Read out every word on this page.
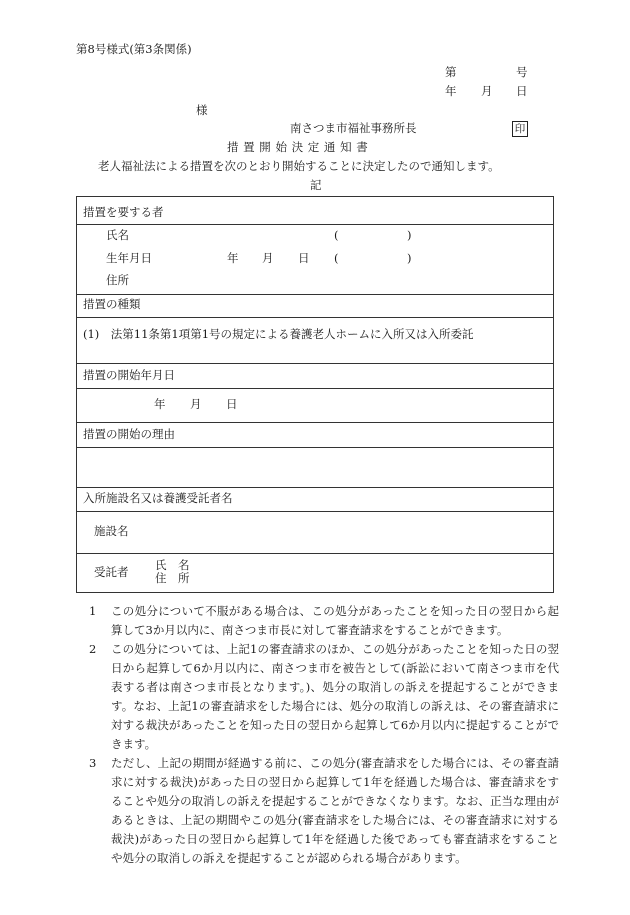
第8号様式(第3条関係)
第	号
年 月 日
様
南さつま市福祉事務所長	印
措 置 開 始 決 定 通 知 書
老人福祉法による措置を次のとおり開始することに決定したので通知します。
記
措置を要する者
氏名	(	)
生年月日	年 月 日 (	)
住所
措置の種類
(1)　法第11条第1項第1号の規定による養護老人ホームに入所又は入所委託
措置の開始年月日
年 月 日
措置の開始の理由
入所施設名又は養護受託者名
施設名
受託者 氏　名
住　所
1	この処分について不服がある場合は、この処分があったことを知った日の翌日から起算して3か月以内に、南さつま市長に対して審査請求をすることができます。
2	この処分については、上記1の審査請求のほか、この処分があったことを知った日の翌日から起算して6か月以内に、南さつま市を被告として(訴訟において南さつま市を代表する者は南さつま市長となります。)、処分の取消しの訴えを提起することができます。なお、上記1の審査請求をした場合には、処分の取消しの訴えは、その審査請求に対する裁決があったことを知った日の翌日から起算して6か月以内に提起することができます。
3	ただし、上記の期間が経過する前に、この処分(審査請求をした場合には、その審査請求に対する裁決)があった日の翌日から起算して1年を経過した場合は、審査請求をすることや処分の取消しの訴えを提起することができなくなります。なお、正当な理由があるときは、上記の期間やこの処分(審査請求をした場合には、その審査請求に対する裁決)があった日の翌日から起算して1年を経過した後であっても審査請求をすることや処分の取消しの訴えを提起することが認められる場合があります。
